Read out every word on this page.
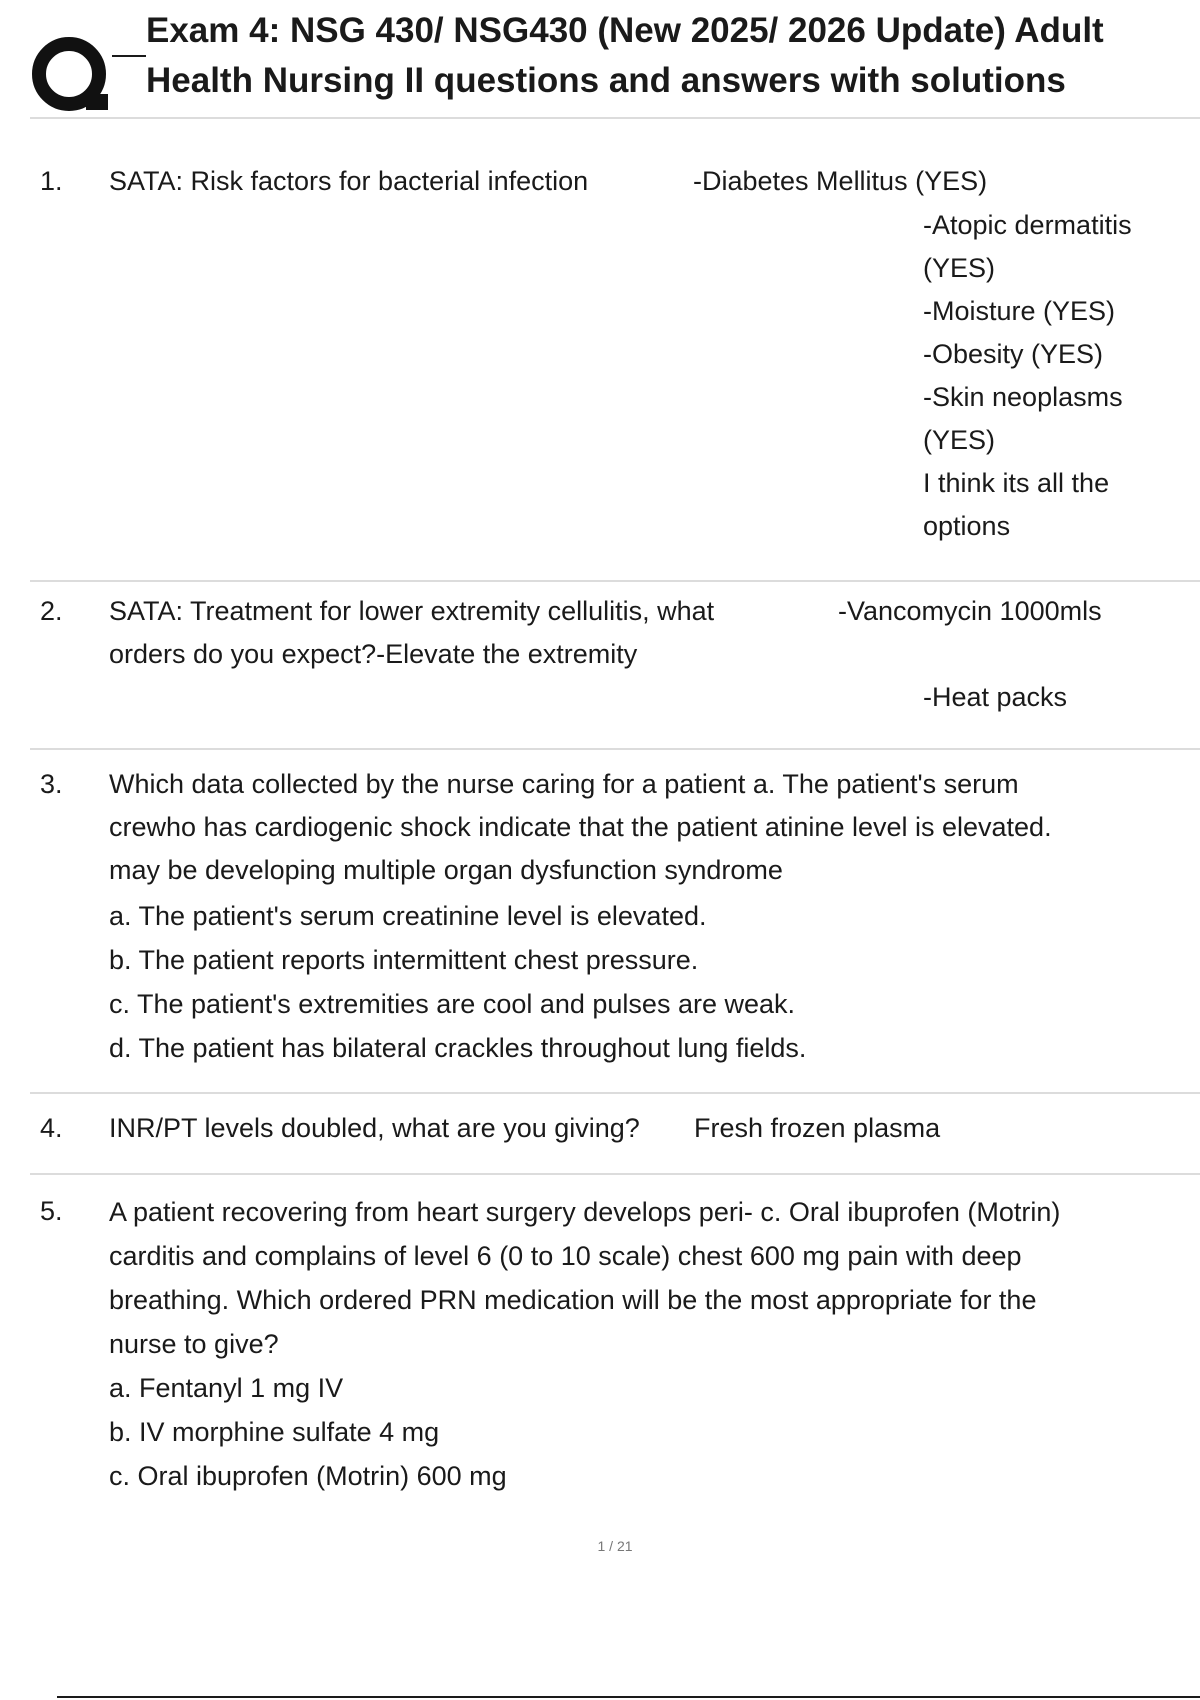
Exam 4: NSG 430/ NSG430 (New 2025/ 2026 Update) Adult Health Nursing II questions and answers with solutions
1. SATA: Risk factors for bacterial infection	-Diabetes Mellitus (YES)
-Atopic dermatitis
(YES)
-Moisture (YES)
-Obesity (YES)
-Skin neoplasms
(YES)
I think its all the
options
2. SATA: Treatment for lower extremity cellulitis, what
orders do you expect?-Elevate the extremity
-Vancomycin 1000mls
-Heat packs
3. Which data collected by the nurse caring for a patient a. The patient's serum
crewho has cardiogenic shock indicate that the patient atinine level is elevated.
may be developing multiple organ dysfunction syndrome
a. The patient's serum creatinine level is elevated.
b. The patient reports intermittent chest pressure.
c. The patient's extremities are cool and pulses are weak.
d. The patient has bilateral crackles throughout lung fields.
4. INR/PT levels doubled, what are you giving? Fresh frozen plasma
5. A patient recovering from heart surgery develops peri- c. Oral ibuprofen (Motrin)
carditis and complains of level 6 (0 to 10 scale) chest 600 mg pain with deep
breathing. Which ordered PRN medication will be the most appropriate for the
nurse to give?
a. Fentanyl 1 mg IV
b. IV morphine sulfate 4 mg
c. Oral ibuprofen (Motrin) 600 mg
1 / 21
